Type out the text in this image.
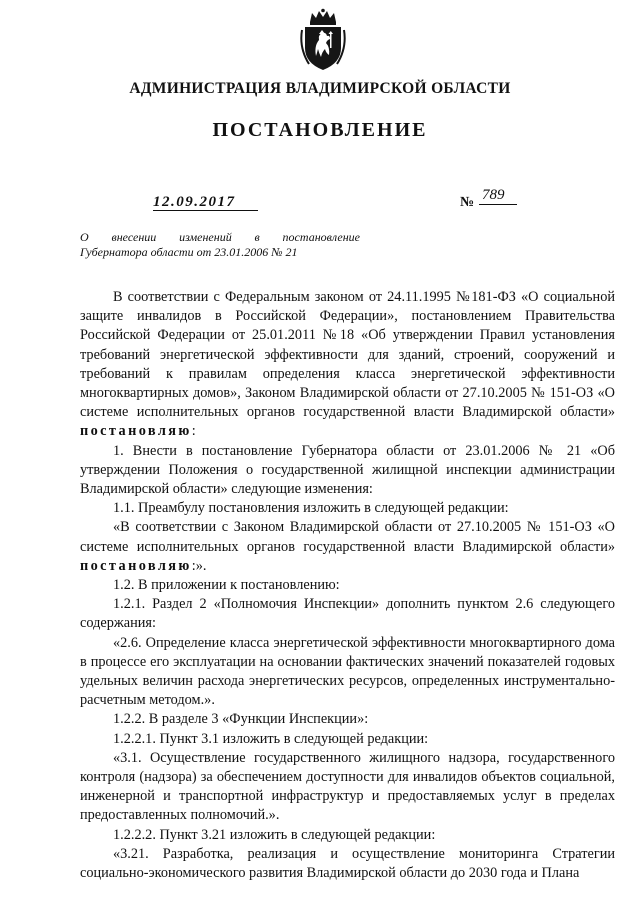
АДМИНИСТРАЦИЯ ВЛАДИМИРСКОЙ ОБЛАСТИ
ПОСТАНОВЛЕНИЕ
12.09.2017	№ 789
О внесении изменений в постановление
Губернатора области от 23.01.2006 № 21

В соответствии с Федеральным законом от 24.11.1995 №181-ФЗ «О социальной защите инвалидов в Российской Федерации», постановлением Правительства Российской Федерации от 25.01.2011 №18 «Об утверждении Правил установления требований энергетической эффективности для зданий, строений, сооружений и требований к правилам определения класса энергетической эффективности многоквартирных домов», Законом Владимирской области от 27.10.2005 № 151-ОЗ «О системе исполнительных органов государственной власти Владимирской области» постановляю:

1. Внести в постановление Губернатора области от 23.01.2006 № 21 «Об утверждении Положения о государственной жилищной инспекции администрации Владимирской области» следующие изменения:

1.1. Преамбулу постановления изложить в следующей редакции:

«В соответствии с Законом Владимирской области от 27.10.2005 № 151-ОЗ «О системе исполнительных органов государственной власти Владимирской области» постановляю:».

1.2. В приложении к постановлению:

1.2.1. Раздел 2 «Полномочия Инспекции» дополнить пунктом 2.6 следующего содержания:

«2.6. Определение класса энергетической эффективности многоквартирного дома в процессе его эксплуатации на основании фактических значений показателей годовых удельных величин расхода энергетических ресурсов, определенных инструментально-расчетным методом.».

1.2.2. В разделе 3 «Функции Инспекции»:

1.2.2.1. Пункт 3.1 изложить в следующей редакции:

«3.1. Осуществление государственного жилищного надзора, государственного контроля (надзора) за обеспечением доступности для инвалидов объектов социальной, инженерной и транспортной инфраструктур и предоставляемых услуг в пределах предоставленных полномочий.».

1.2.2.2. Пункт 3.21 изложить в следующей редакции:

«3.21. Разработка, реализация и осуществление мониторинга Стратегии социально-экономического развития Владимирской области до 2030 года и Плана
